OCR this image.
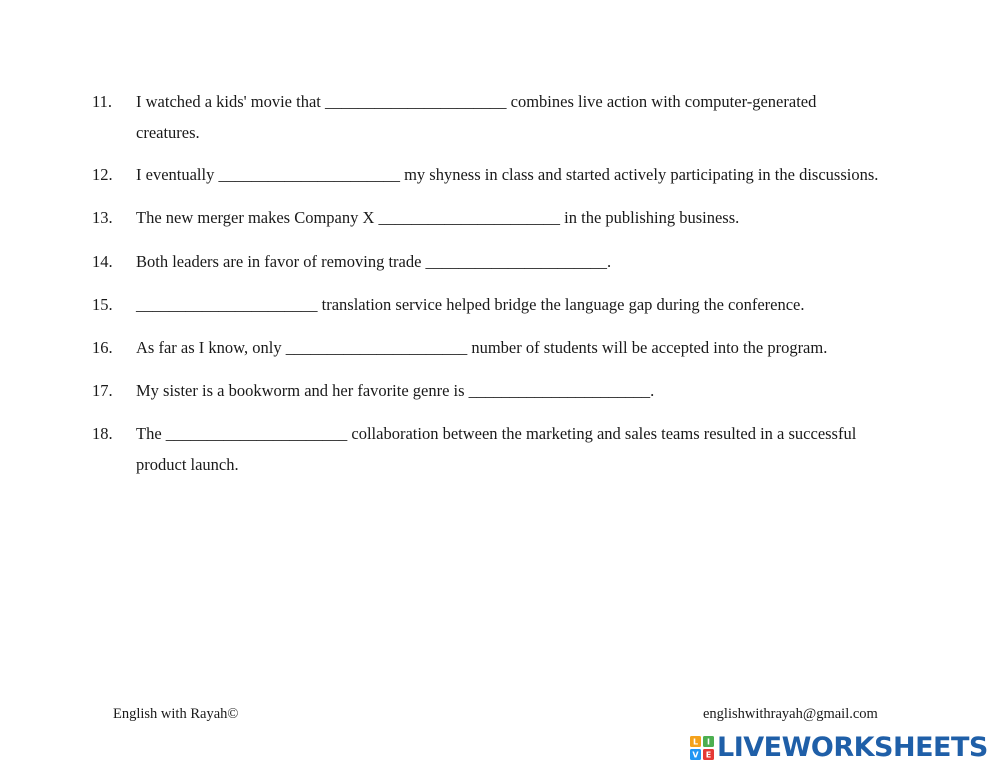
11. I watched a kids' movie that ______________________ combines live action with computer-generated
creatures.
12. I eventually ______________________ my shyness in class and started actively participating in the discussions.
13. The new merger makes Company X ______________________ in the publishing business.
14. Both leaders are in favor of removing trade ______________________.
15. ______________________ translation service helped bridge the language gap during the conference.
16. As far as I know, only ______________________ number of students will be accepted into the program.
17. My sister is a bookworm and her favorite genre is ______________________.
18. The ______________________ collaboration between the marketing and sales teams resulted in a successful
product launch.
English with Rayah©	englishwithrayah@gmail.com
L I
V E LIVEWORKSHEETS
